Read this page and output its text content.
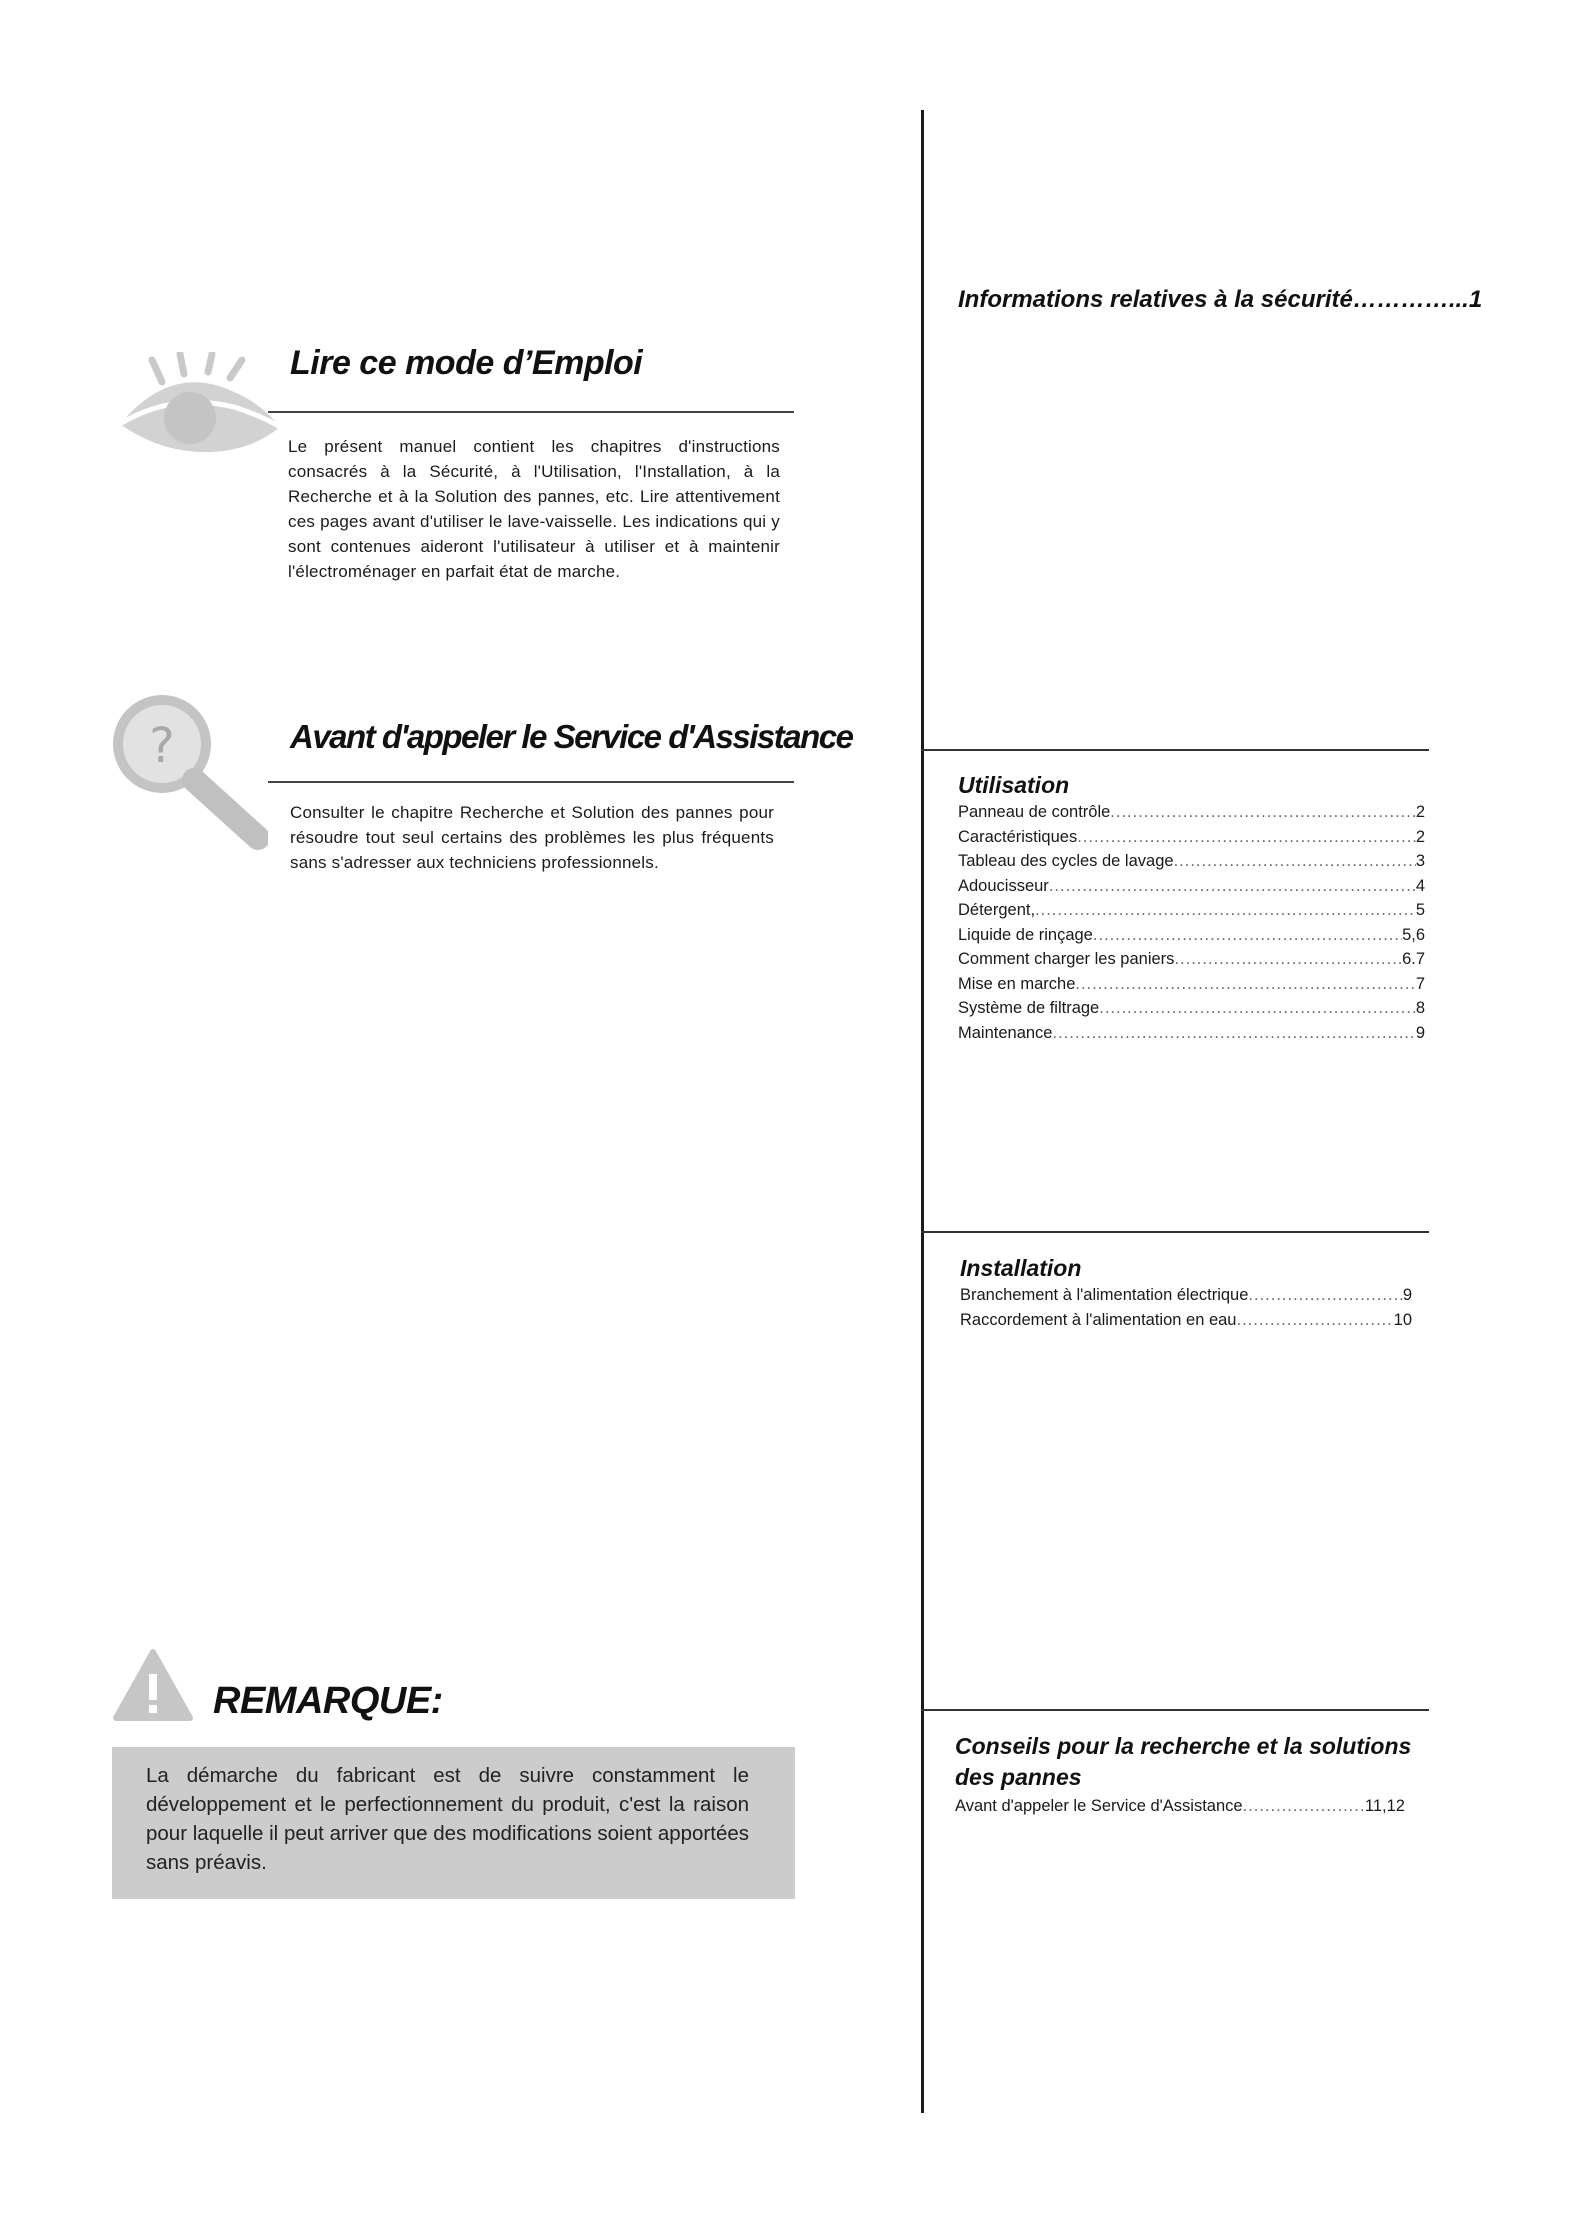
Lire ce mode d’Emploi

Le présent manuel contient les chapitres d'instructions consacrés à la Sécurité, à l'Utilisation, l'Installation, à la Recherche et à la Solution des pannes, etc. Lire attentivement ces pages avant d'utiliser le lave-vaisselle. Les indications qui y sont contenues aideront l'utilisateur à utiliser et à maintenir l'électroménager en parfait état de marche.

?	Avant d'appeler le Service d'Assistance

Consulter le chapitre Recherche et Solution des pannes pour résoudre tout seul certains des problèmes les plus fréquents sans s'adresser aux techniciens professionnels.

REMARQUE:

La démarche du fabricant est de suivre constamment le développement et le perfectionnement du produit, c'est la raison pour laquelle il peut arriver que des modifications soient apportées sans préavis.

Informations relatives à la sécurité…………...1
Utilisation
Panneau de contrôle .....	2
Caractéristiques .....	2
Tableau des cycles de lavage .....	3
Adoucisseur .....	4
Détergent, .....	5
Liquide de rinçage .....	5,6
Comment charger les paniers .....	6.7
Mise en marche .....	7
Système de filtrage .....	8
Maintenance .....	9
Installation
Branchement à l'alimentation électrique .....	9
Raccordement à l'alimentation en eau .....	10
Conseils pour la recherche et la solutions des pannes
Avant d'appeler le Service d'Assistance .....	11,12
